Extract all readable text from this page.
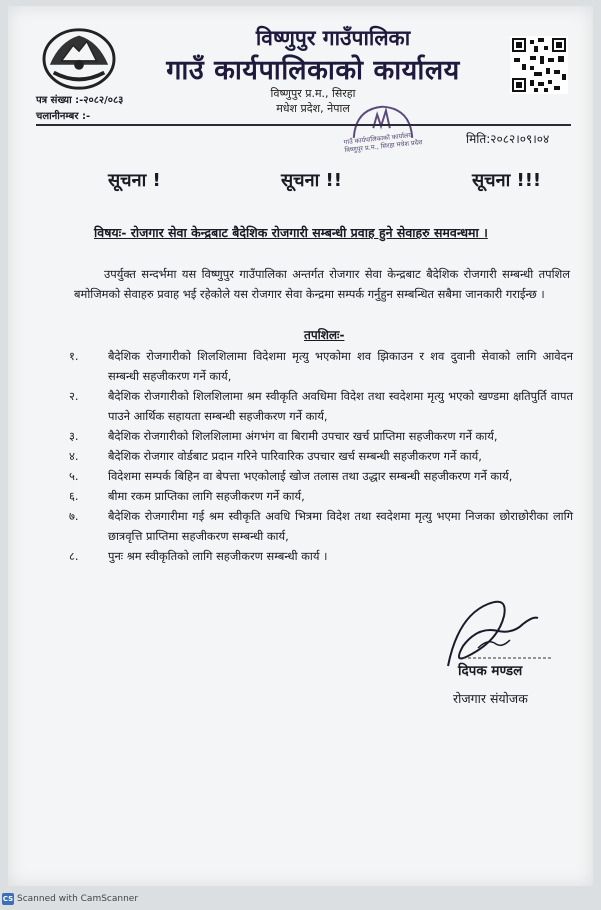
विष्णुपुर गाउँपालिका
गाउँ कार्यपालिकाको कार्यालय
विष्णुपुर प्र.म., सिरहा
मधेश प्रदेश, नेपाल
पत्र संख्या :-२०८२/०८३
चलानीनम्बर :-
गाउँ कार्यपालिकाको कार्यालय विष्णुपुर प्र.म., सिरहा मधेश प्रदेश	मिति:२०८२।०९।०४
सूचना !	सूचना !!	सूचना !!!
विषयः- रोजगार सेवा केन्द्रबाट बैदेशिक रोजगारी सम्बन्धी प्रवाह हुने सेवाहरु समवन्धमा ।
उपर्युक्त सन्दर्भमा यस विष्णुपुर गाउँपालिका अन्तर्गत रोजगार सेवा केन्द्रबाट बैदेशिक रोजगारी सम्बन्धी तपशिल बमोजिमको सेवाहरु प्रवाह भई रहेकोले यस रोजगार सेवा केन्द्रमा सम्पर्क गर्नुहुन सम्बन्धित सबैमा जानकारी गराईन्छ ।
तपशिलः-
१.	बैदेशिक रोजगारीको शिलशिलामा विदेशमा मृत्यु भएकोमा शव झिकाउन र शव दुवानी सेवाको लागि आवेदन सम्बन्धी सहजीकरण गर्ने कार्य,
२.	बैदेशिक रोजगारीको शिलशिलामा श्रम स्वीकृति अवधिमा विदेश तथा स्वदेशमा मृत्यु भएको खण्डमा क्षतिपुर्ति वापत पाउने आर्थिक सहायता सम्बन्धी सहजीकरण गर्ने कार्य,
३.	बैदेशिक रोजगारीको शिलशिलामा अंगभंग वा बिरामी उपचार खर्च प्राप्तिमा सहजीकरण गर्ने कार्य,
४.	बैदेशिक रोजगार वोर्डबाट प्रदान गरिने पारिवारिक उपचार खर्च सम्बन्धी सहजीकरण गर्ने कार्य,
५.	विदेशमा सम्पर्क बिहिन वा बेपत्ता भएकोलाई खोज तलास तथा उद्धार सम्बन्धी सहजीकरण गर्ने कार्य,
६.	बीमा रकम प्राप्तिका लागि सहजीकरण गर्ने कार्य,
७.	बैदेशिक रोजगारीमा गई श्रम स्वीकृति अवधि भित्रमा विदेश तथा स्वदेशमा मृत्यु भएमा निजका छोराछोरीका लागि छात्रवृत्ति प्राप्तिमा सहजीकरण सम्बन्धी कार्य,
८.	पुनः श्रम स्वीकृतिको लागि सहजीकरण सम्बन्धी कार्य ।
दिपक मण्डल
रोजगार संयोजक
CS Scanned with CamScanner
